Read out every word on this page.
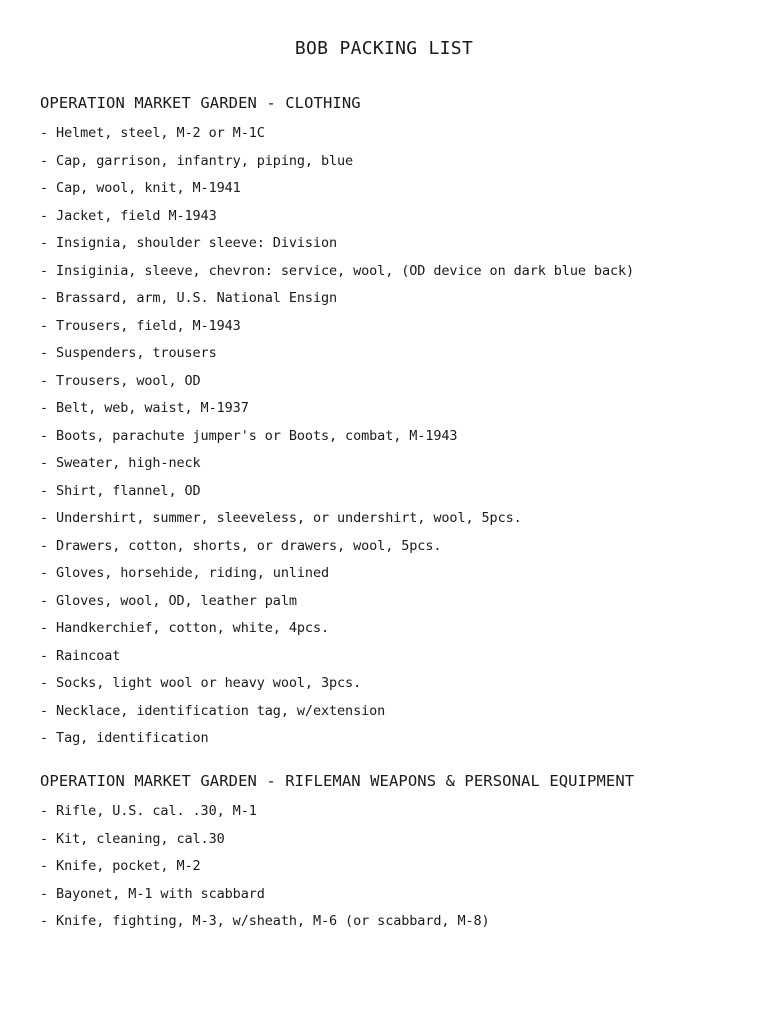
BOB PACKING LIST
OPERATION MARKET GARDEN - CLOTHING
- Helmet, steel, M-2 or M-1C
- Cap, garrison, infantry, piping, blue
- Cap, wool, knit, M-1941
- Jacket, field M-1943
- Insignia, shoulder sleeve: Division
- Insiginia, sleeve, chevron: service, wool, (OD device on dark blue back)
- Brassard, arm, U.S. National Ensign
- Trousers, field, M-1943
- Suspenders, trousers
- Trousers, wool, OD
- Belt, web, waist, M-1937
- Boots, parachute jumper's or Boots, combat, M-1943
- Sweater, high-neck
- Shirt, flannel, OD
- Undershirt, summer, sleeveless, or undershirt, wool, 5pcs.
- Drawers, cotton, shorts, or drawers, wool, 5pcs.
- Gloves, horsehide, riding, unlined
- Gloves, wool, OD, leather palm
- Handkerchief, cotton, white, 4pcs.
- Raincoat
- Socks, light wool or heavy wool, 3pcs.
- Necklace, identification tag, w/extension
- Tag, identification
OPERATION MARKET GARDEN - RIFLEMAN WEAPONS & PERSONAL EQUIPMENT
- Rifle, U.S. cal. .30, M-1
- Kit, cleaning, cal.30
- Knife, pocket, M-2
- Bayonet, M-1 with scabbard
- Knife, fighting, M-3, w/sheath, M-6 (or scabbard, M-8)
